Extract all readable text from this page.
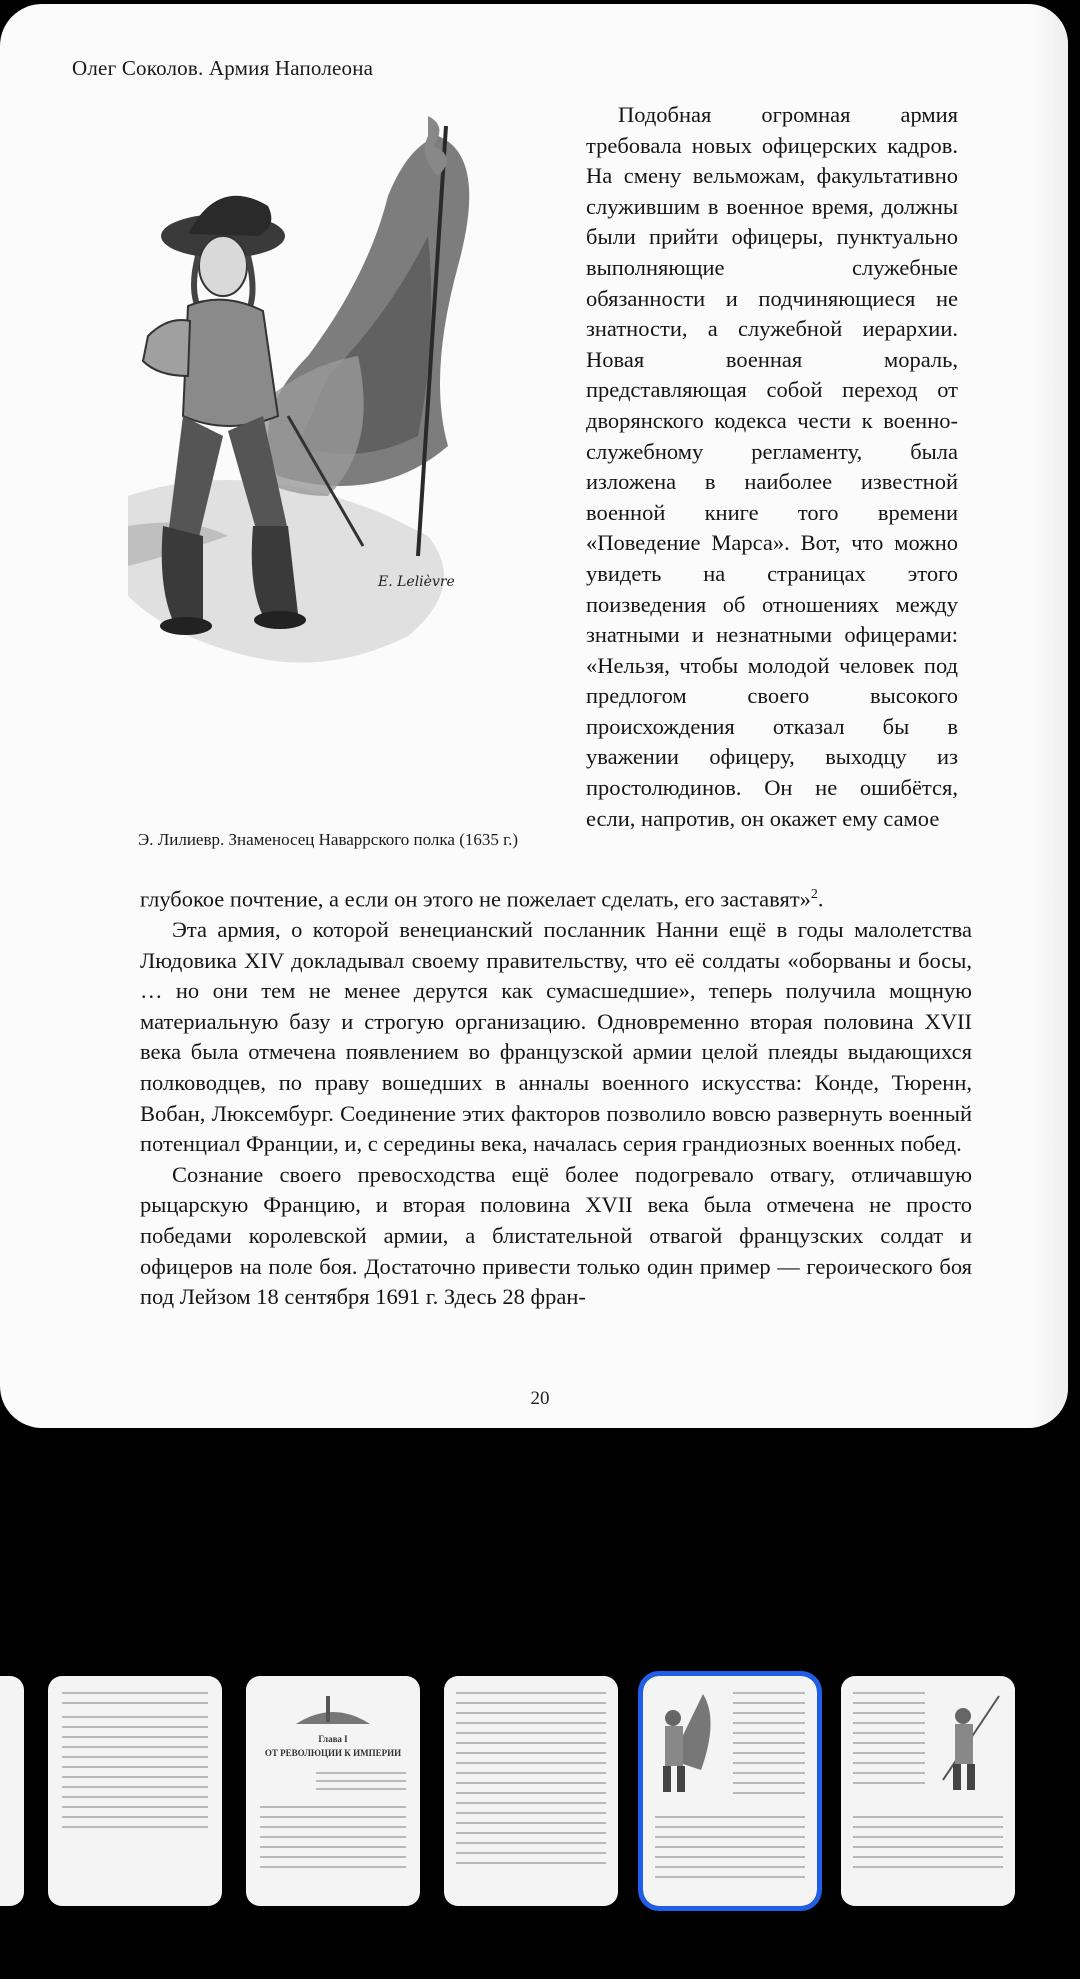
Олег Соколов. Армия Наполеона
E. Lelièvre
Э. Лилиевр. Знаменосец Наваррского полка (1635 г.)

Подобная огромная армия требовала новых офицерских кадров. На смену вельможам, факультативно служившим в военное время, должны были прийти офицеры, пунктуально выполняющие служебные обязанности и подчиняющиеся не знатности, а служебной иерархии. Новая военная мораль, представляющая собой переход от дворянского кодекса чести к военно-служебному регламенту, была изложена в наиболее известной военной книге того времени «Поведение Марса». Вот, что можно увидеть на страницах этого поизведения об отношениях между знатными и незнатными офицерами: «Нельзя, чтобы молодой человек под предлогом своего высокого происхождения отказал бы в уважении офицеру, выходцу из простолюдинов. Он не ошибётся, если, напротив, он окажет ему самое

глубокое почтение, а если он этого не пожелает сделать, его заставят»$^2$.

Эта армия, о которой венецианский посланник Нанни ещё в годы малолетства Людовика XIV докладывал своему правительству, что её солдаты «оборваны и босы, … но они тем не менее дерутся как сумасшедшие», теперь получила мощную материальную базу и строгую организацию. Одновременно вторая половина XVII века была отмечена появлением во французской армии целой плеяды выдающихся полководцев, по праву вошедших в анналы военного искусства: Конде, Тюренн, Вобан, Люксембург. Соединение этих факторов позволило вовсю развернуть военный потенциал Франции, и, с середины века, началась серия грандиозных военных побед.

Сознание своего превосходства ещё более подогревало отвагу, отличавшую рыцарскую Францию, и вторая половина XVII века была отмечена не просто победами королевской армии, а блистательной отвагой французских солдат и офицеров на поле боя. Достаточно привести только один пример — героического боя под Лейзом 18 сентября 1691 г. Здесь 28 фран-

20
Глава I
ОТ РЕВОЛЮЦИИ К ИМПЕРИИ
